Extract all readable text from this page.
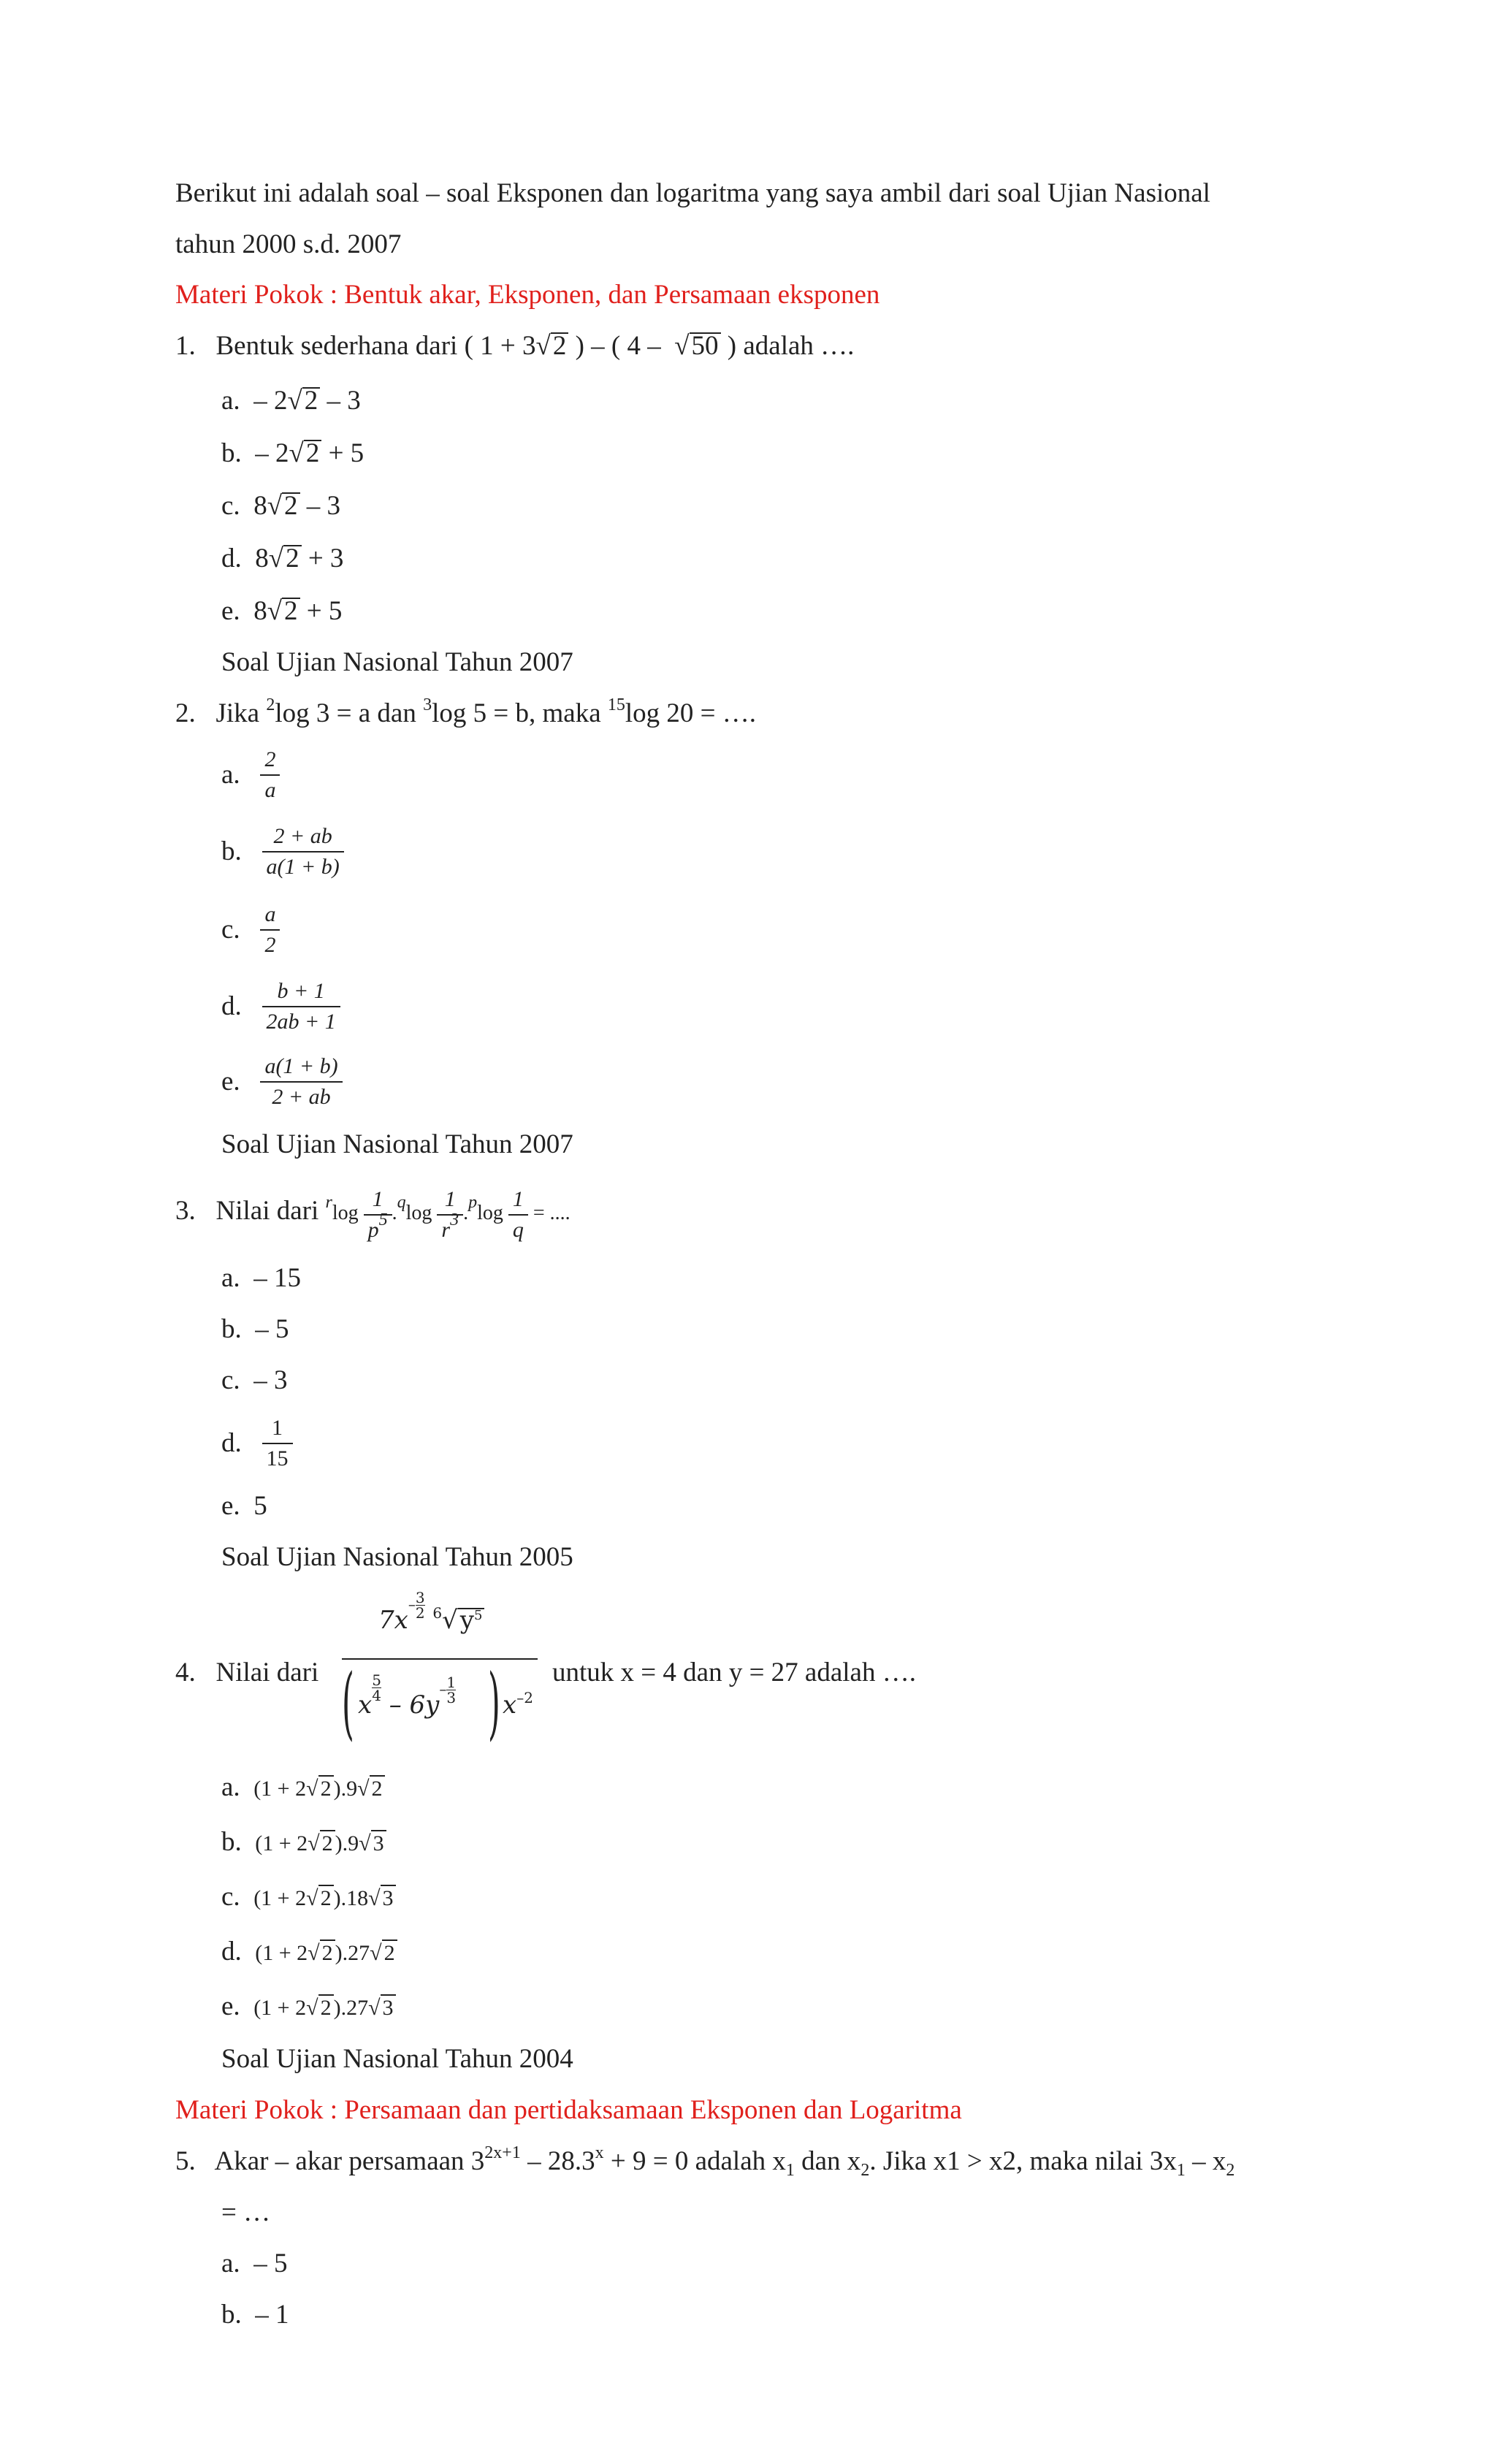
Berikut ini adalah soal – soal Eksponen dan logaritma yang saya ambil dari soal Ujian Nasional
tahun 2000 s.d. 2007
Materi Pokok : Bentuk akar, Eksponen, dan Persamaan eksponen
1. Bentuk sederhana dari ( 1 + 3√2 ) – ( 4 –  √50 ) adalah ….
a. – 2√2 – 3
b. – 2√2 + 5
c. 8√2 – 3
d. 8√2 + 3
e. 8√2 + 5
Soal Ujian Nasional Tahun 2007
2. Jika $^2$log 3 = a dan $^3$log 5 = b, maka $^{15}$log 20 = ….
a. $\frac{2}{a}$
b. $\frac{2 + ab}{a(1 + b)}$
c. $\frac{a}{2}$
d. $\frac{b + 1}{2ab + 1}$
e. $\frac{a(1 + b)}{2 + ab}$
Soal Ujian Nasional Tahun 2007
3. Nilai dari $^r\log \frac{1}{p^5} .^q\log \frac{1}{r^3} .^p\log \frac{1}{q}$ = ....
a. – 15
b. – 5
c. – 3
d. $\frac{1}{15}$
e. 5
Soal Ujian Nasional Tahun 2005
4. Nilai dari
$7x^{- \frac{3}{2}}$ $^6√y^5$
( x
$\frac{5}{4}$
– $6y^{- \frac{1}{3}}$ ) $x^{-2}$
untuk x = 4 dan y = 27 adalah ….
a. (1 + 2√ 2 ).9√ 2
b. (1 + 2√ 2 ).9√ 3
c. (1 + 2√ 2 ).18√ 3
d. (1 + 2√ 2 ).27√ 2
e. (1 + 2√ 2 ).27√ 3
Soal Ujian Nasional Tahun 2004
Materi Pokok : Persamaan dan pertidaksamaan Eksponen dan Logaritma
5. Akar – akar persamaan $3^{2x+1} - 28.3^x + 9 = 0$ adalah $x_1$ dan $x_2$. Jika x1 > x2, maka nilai $3x_1 - x_2$
= …
a. – 5
b. – 1
